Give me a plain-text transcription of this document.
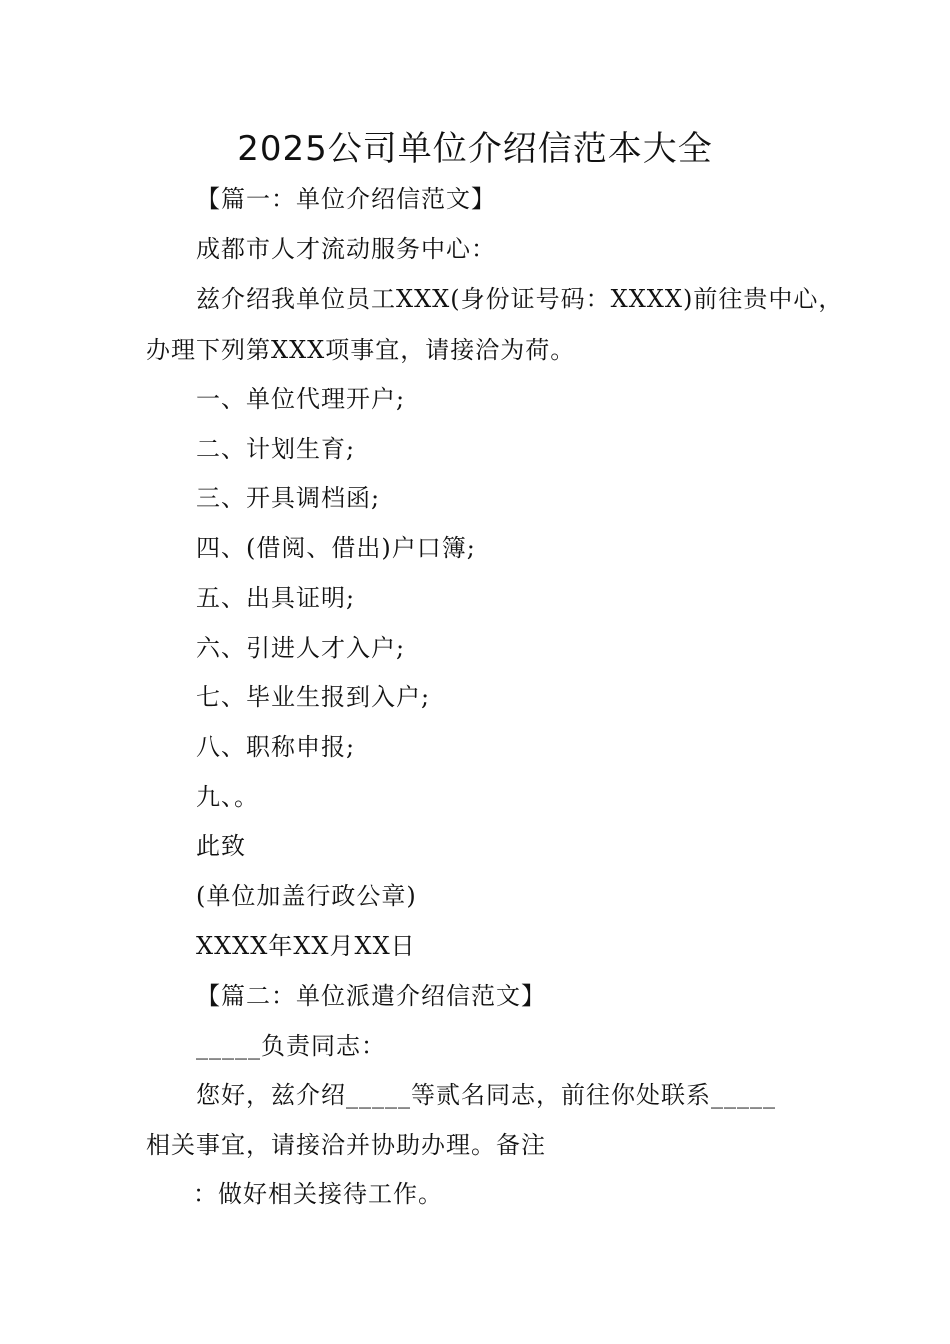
2025公司单位介绍信范本大全
【篇一：单位介绍信范文】
成都市人才流动服务中心：
兹介绍我单位员工XXX(身份证号码：XXXX)前往贵中心，
办理下列第XXX项事宜，请接洽为荷。
一、单位代理开户;
二、计划生育;
三、开具调档函;
四、(借阅、借出)户口簿;
五、出具证明;
六、引进人才入户;
七、毕业生报到入户;
八、职称申报;
九、。
此致
(单位加盖行政公章)
XXXX年XX月XX日
【篇二：单位派遣介绍信范文】
_____负责同志：
您好，兹介绍_____等贰名同志，前往你处联系_____
相关事宜，请接洽并协助办理。备注
：做好相关接待工作。
